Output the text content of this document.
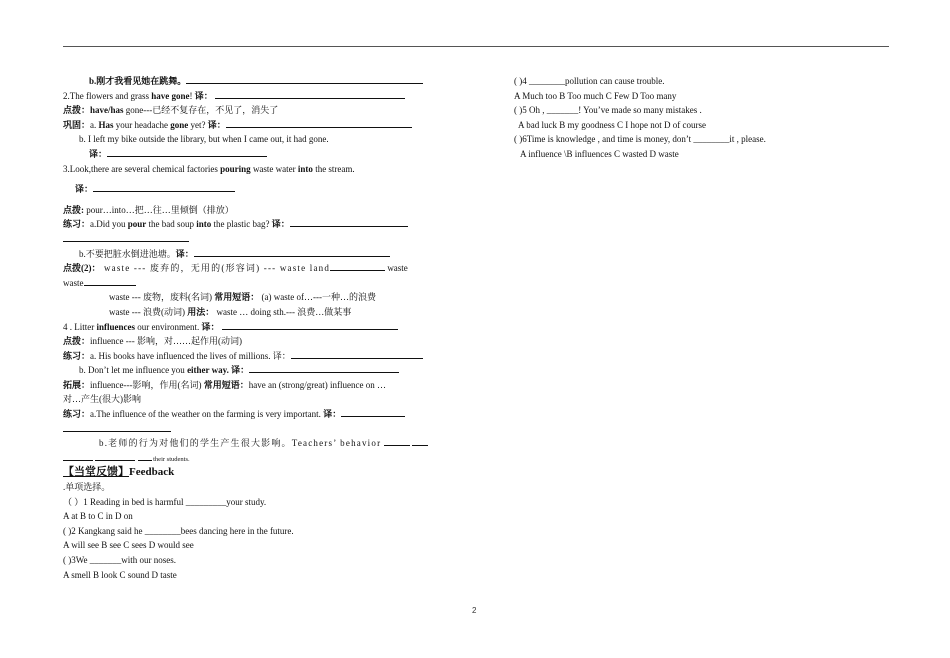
b.刚才我看见她在跳舞。
2.The flowers and grass have gone! 译：
点拨：have/has gone---已经不复存在，不见了，消失了
巩固：a. Has your headache gone yet? 译：
b. I left my bike outside the library, but when I came out, it had gone.
译：
3.Look,there are several chemical factories pouring waste water into the stream.
译：
点拨: pour…into…把…往…里倾倒（排放）
练习：a.Did you pour the bad soup into the plastic bag? 译：
b.不要把脏水倒进池塘。译：
点拨(2)： waste --- 废弃的，无用的(形容词) --- waste land	waste
waste
waste --- 废物，废料(名词) 常用短语： (a) waste of…---一种…的浪费
waste --- 浪费(动词) 用法： waste … doing sth.--- 浪费…做某事
4 . Litter influences our environment. 译：
点拨：influence --- 影响，对……起作用(动词)
练习：a. His books have influenced the lives of millions. 译：
b. Don’t let me influence you either way. 译：
拓展：influence---影响，作用(名词) 常用短语：have an (strong/great) influence on …
对…产生(很大)影响
练习：a.The influence of the weather on the farming is very important. 译：
b.老师的行为对他们的学生产生很大影响。Teachers’ behavior
their students.
【当堂反馈】Feedback
.单项选择。
（ ）1 Reading in bed is harmful _________your study.
A at B to C in D on
( )2 Kangkang said he ________bees dancing here in the future.
A will see B see C sees D would see
( )3We _______with our noses.
A smell B look C sound D taste
( )4 ________pollution can cause trouble.
A Much too B Too much C Few D Too many
( )5 Oh , _______! You’ve made so many mistakes .
A bad luck B my goodness C I hope not D of course
( )6Time is knowledge , and time is money, don’t ________it , please.
A influence \B influences C wasted D waste
2
